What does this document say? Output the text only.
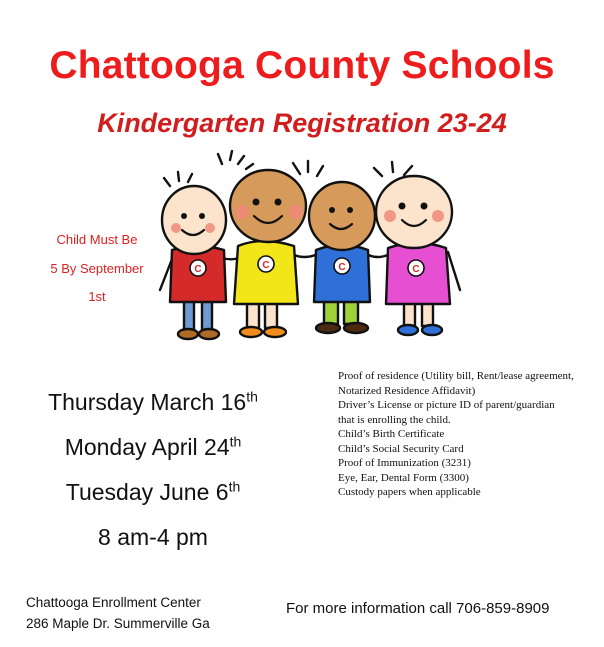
Chattooga County Schools
Kindergarten Registration 23-24
Child Must Be
5 By September
1st
C	C	C	C
Thursday March 16th
Monday April 24th
Tuesday June 6th
8 am-4 pm
Proof of residence (Utility bill, Rent/lease agreement,
Notarized Residence Affidavit)
Driver’s License or picture ID of parent/guardian
that is enrolling the child.
Child’s Birth Certificate
Child’s Social Security Card
Proof of Immunization (3231)
Eye, Ear, Dental Form (3300)
Custody papers when applicable
Chattooga Enrollment Center
286 Maple Dr. Summerville Ga
For more information call 706-859-8909
